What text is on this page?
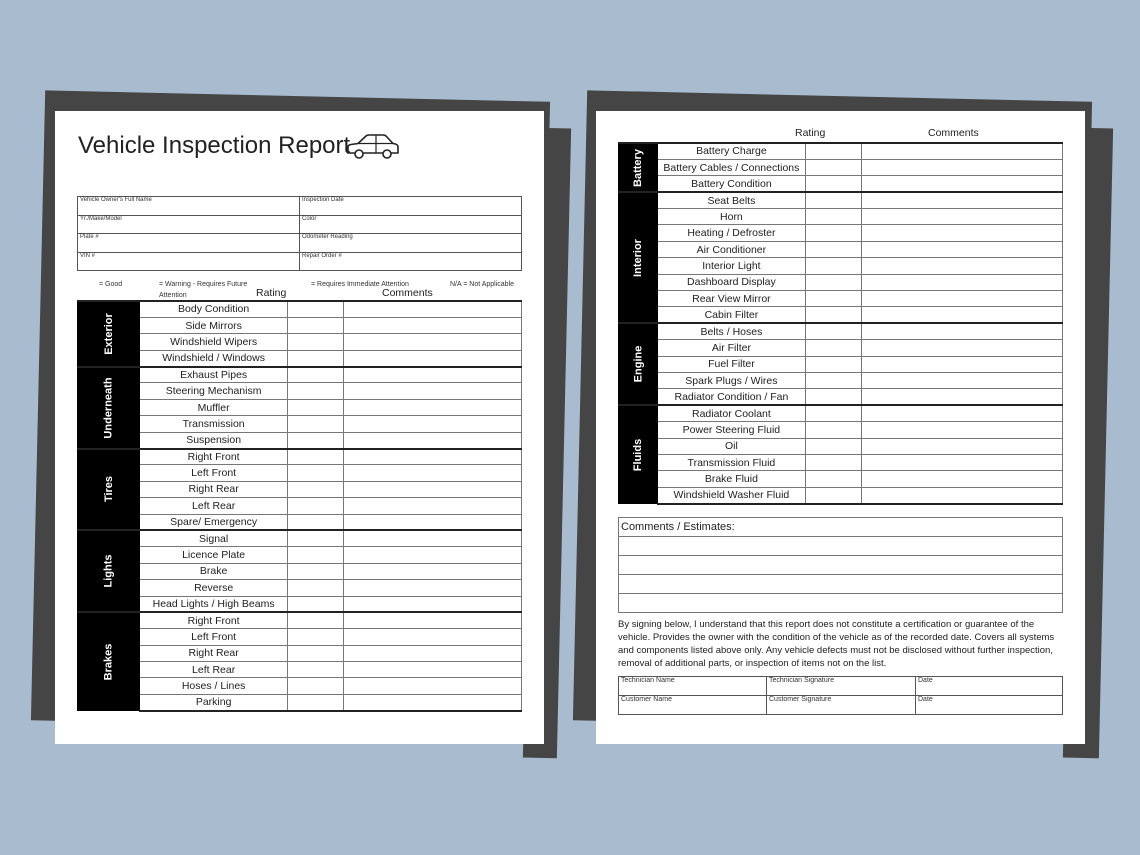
Vehicle Inspection Report
Vehicle Owner's Full Name	Inspection Date
Yr./Make/Model	Color
Plate #	Odometer Reading
VIN #	Repair Order #
= Good	= Warning - Requires Future
Attention
= Requires Immediate Attention	N/A = Not Applicable
Rating	Comments
Exterior	Body Condition		
	Side Mirrors		
	Windshield Wipers		
	Windshield / Windows		
Underneath	Exhaust Pipes		
	Steering Mechanism		
	Muffler		
	Transmission		
	Suspension		
Tires	Right Front		
	Left Front		
	Right Rear		
	Left Rear		
	Spare/ Emergency		
Lights	Signal		
	Licence Plate		
	Brake		
	Reverse		
	Head Lights / High Beams		
Brakes	Right Front		
	Left Front		
	Right Rear		
	Left Rear		
	Hoses / Lines		
	Parking		
Rating	Comments
Battery	Battery Charge		
	Battery Cables / Connections		
	Battery Condition		
Interior	Seat Belts		
	Horn		
	Heating / Defroster		
	Air Conditioner		
	Interior Light		
	Dashboard Display		
	Rear View Mirror		
	Cabin Filter		
Engine	Belts / Hoses		
	Air Filter		
	Fuel Filter		
	Spark Plugs / Wires		
	Radiator Condition / Fan		
Fluids	Radiator Coolant		
	Power Steering Fluid		
	Oil		
	Transmission Fluid		
	Brake Fluid		
	Windshield Washer Fluid		
Comments / Estimates:

By signing below, I understand that this report does not constitute a certification or guarantee of the vehicle. Provides the owner with the condition of the vehicle as of the recorded date. Covers all systems and components listed above only. Any vehicle defects must not be disclosed without further inspection, removal of additional parts, or inspection of items not on the list.
Technician Name	Technician Signature	Date
Customer Name	Customer Signature	Date
